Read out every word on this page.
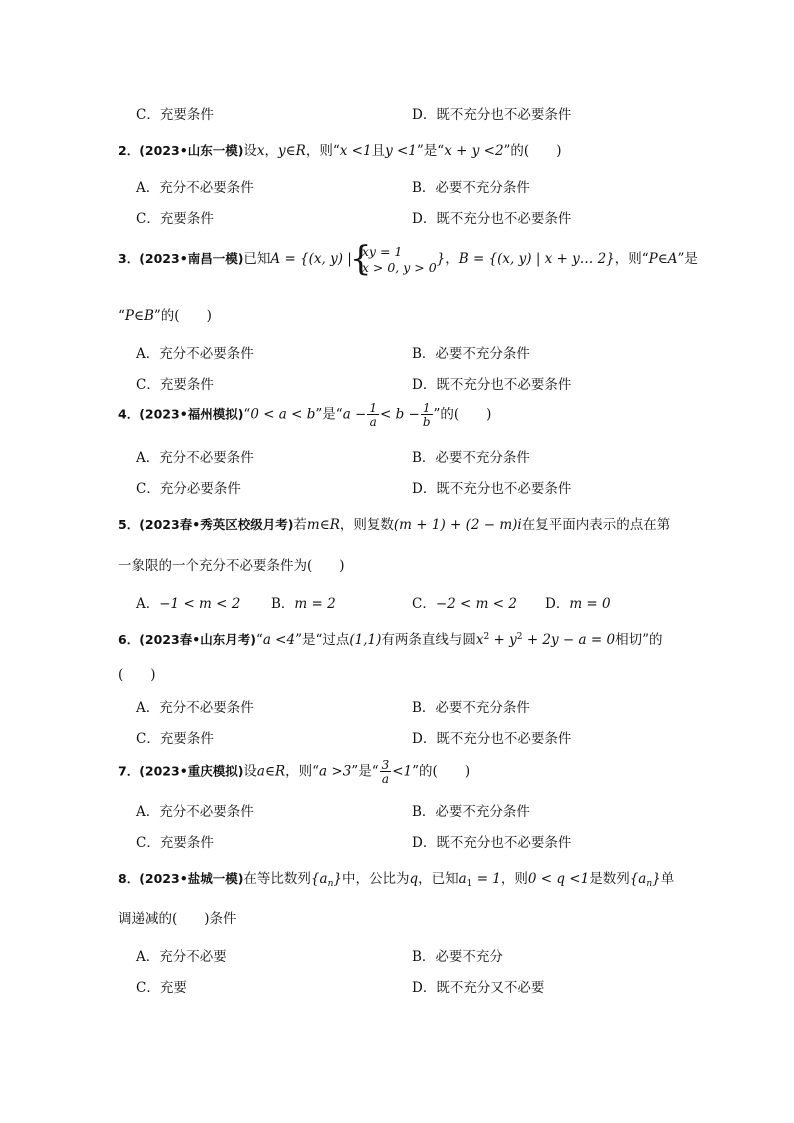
C．充要条件	D．既不充分也不必要条件
2．(2023•山东一模)设x，y∈R，则“x <1且y <1”是“x + y <2”的(　　)
A．充分不必要条件	B．必要不充分条件
C．充要条件	D．既不充分也不必要条件
3．(2023•南昌一模)已知A = {(x, y) |
{ xy = 1
x > 0, y > 0 }，B = {(x, y) | x + y… 2}，则“P∈A”是
“P∈B”的(　　)
A．充分不必要条件	B．必要不充分条件
C．充要条件	D．既不充分也不必要条件
4．(2023•福州模拟)“0 < a < b”是“$a - \frac{1}{a} < b - \frac{1}{b}$ ”的(　　)
A．充分不必要条件	B．必要不充分条件
C．充分必要条件	D．既不充分也不必要条件
5．(2023春•秀英区校级月考)若m∈R，则复数(m + 1) + (2 − m)i在复平面内表示的点在第
一象限的一个充分不必要条件为(　　)
A．−1 < m < 2 B．m = 2	C．−2 < m < 2 D．m = 0
6．(2023春•山东月考)“a <4”是“过点(1,1)有两条直线与圆$x^2 + y^2 + 2y - a = 0$相切”的
(　　)
A．充分不必要条件	B．必要不充分条件
C．充要条件	D．既不充分也不必要条件
7．(2023•重庆模拟)设a∈R，则“a >3”是“ $\frac{3}{a} <1$”的(　　)
A．充分不必要条件	B．必要不充分条件
C．充要条件	D．既不充分也不必要条件
8．(2023•盐城一模)在等比数列$\{a_n\}$中，公比为q，已知$a_1 = 1$，则0 < q <1是数列$\{a_n\}$单
调递减的(　　)条件
A．充分不必要	B．必要不充分
C．充要	D．既不充分又不必要
